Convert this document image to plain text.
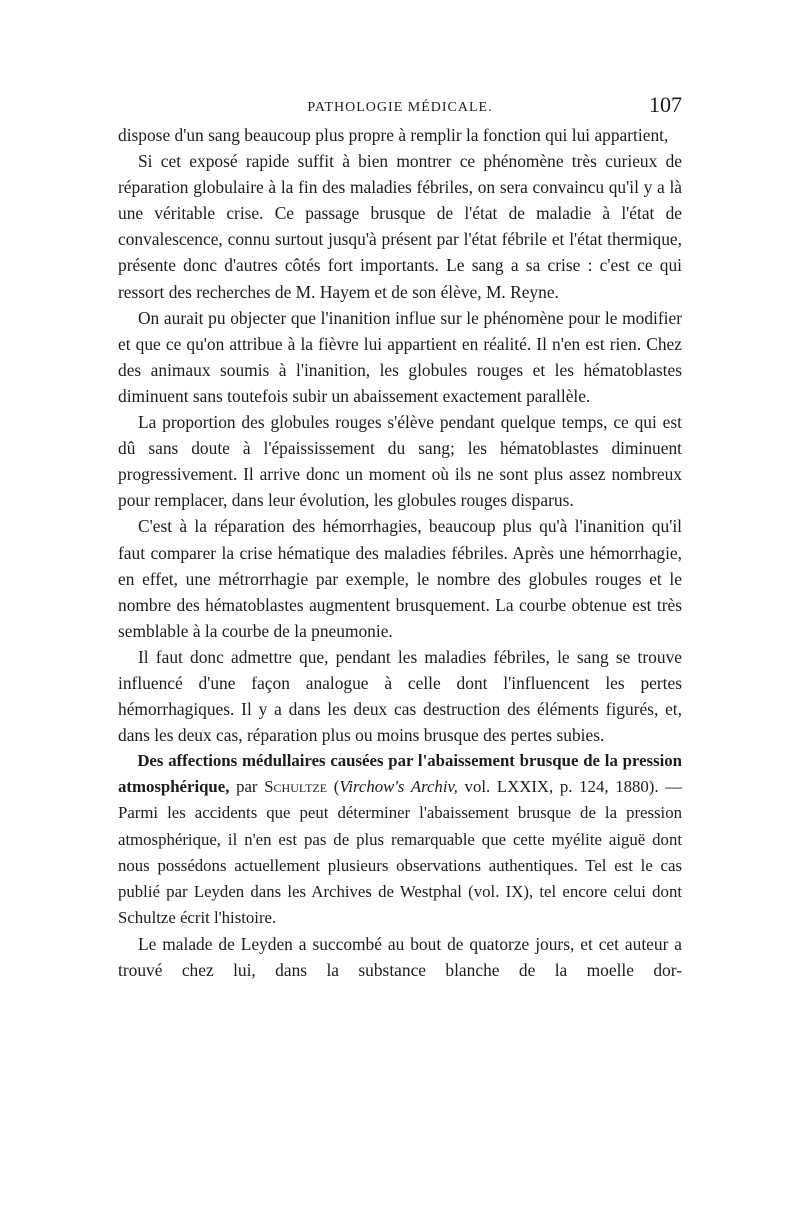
PATHOLOGIE MÉDICALE.	107

dispose d'un sang beaucoup plus propre à remplir la fonction qui lui appartient,

Si cet exposé rapide suffit à bien montrer ce phénomène très curieux de réparation globulaire à la fin des maladies fébriles, on sera convaincu qu'il y a là une véritable crise. Ce passage brusque de l'état de maladie à l'état de convalescence, connu surtout jusqu'à présent par l'état fébrile et l'état thermique, présente donc d'autres côtés fort importants. Le sang a sa crise : c'est ce qui ressort des recherches de M. Hayem et de son élève, M. Reyne.

On aurait pu objecter que l'inanition influe sur le phénomène pour le modifier et que ce qu'on attribue à la fièvre lui appartient en réalité. Il n'en est rien. Chez des animaux soumis à l'inanition, les globules rouges et les hématoblastes diminuent sans toutefois subir un abaissement exactement parallèle.

La proportion des globules rouges s'élève pendant quelque temps, ce qui est dû sans doute à l'épaississement du sang; les hématoblastes diminuent progressivement. Il arrive donc un moment où ils ne sont plus assez nombreux pour remplacer, dans leur évolution, les globules rouges disparus.

C'est à la réparation des hémorrhagies, beaucoup plus qu'à l'inanition qu'il faut comparer la crise hématique des maladies fébriles. Après une hémorrhagie, en effet, une métrorrhagie par exemple, le nombre des globules rouges et le nombre des hématoblastes augmentent brusquement. La courbe obtenue est très semblable à la courbe de la pneumonie.

Il faut donc admettre que, pendant les maladies fébriles, le sang se trouve influencé d'une façon analogue à celle dont l'influencent les pertes hémorrhagiques. Il y a dans les deux cas destruction des éléments figurés, et, dans les deux cas, réparation plus ou moins brusque des pertes subies.

Des affections médullaires causées par l'abaissement brusque de la pression atmosphérique, par Schultze (Virchow's Archiv, vol. LXXIX, p. 124, 1880). — Parmi les accidents que peut déterminer l'abaissement brusque de la pression atmosphérique, il n'en est pas de plus remarquable que cette myélite aiguë dont nous possédons actuellement plusieurs observations authentiques. Tel est le cas publié par Leyden dans les Archives de Westphal (vol. IX), tel encore celui dont Schultze écrit l'histoire.

Le malade de Leyden a succombé au bout de quatorze jours, et cet auteur a trouvé chez lui, dans la substance blanche de la moelle dor-
